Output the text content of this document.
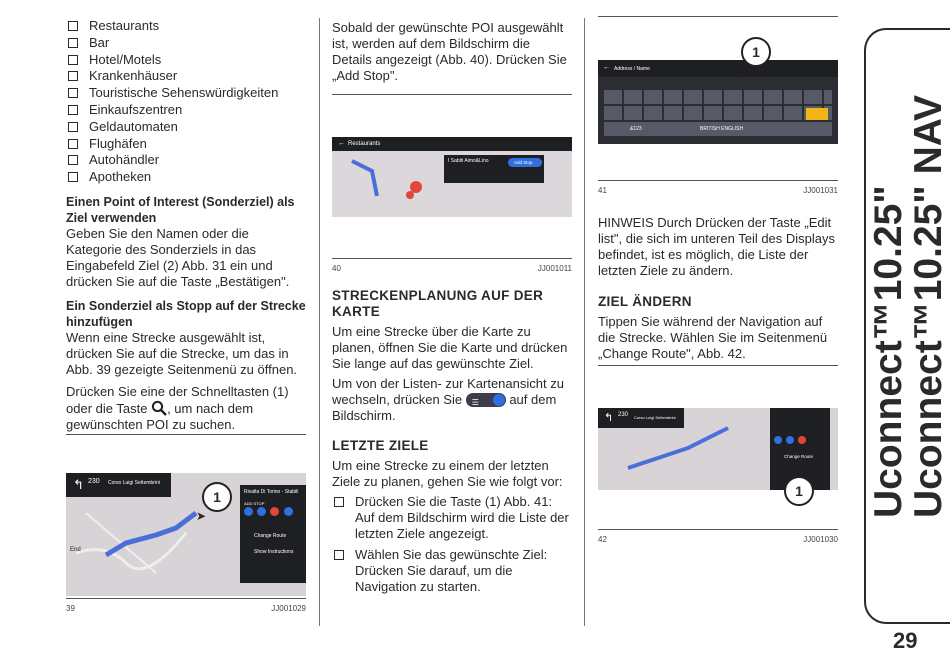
Restaurants
Bar
Hotel/Motels
Krankenhäuser
Touristische Sehenswürdigkeiten
Einkaufszentren
Geldautomaten
Flughäfen
Autohändler
Apotheken
Einen Point of Interest (Sonderziel) als Ziel verwenden

Geben Sie den Namen oder die Kategorie des Sonderziels in das Eingabefeld Ziel (2) Abb. 31 ein und drücken Sie auf die Taste „Bestätigen".

Ein Sonderziel als Stopp auf der Strecke hinzufügen

Wenn eine Strecke ausgewählt ist, drücken Sie auf die Strecke, um das in Abb. 39 gezeigte Seitenmenü zu öffnen.

Drücken Sie eine der Schnelltasten (1) oder die Taste , um nach dem gewünschten POI zu suchen.

↰ 230 Corso Luigi Settembrini
Rivalta Di Torino - Stabili
ADD STOP
Change Route
Show Instructions
➤
End
1
39	JJ001029

Sobald der gewünschte POI ausgewählt ist, werden auf dem Bildschirm die Details angezeigt (Abb. 40). Drücken Sie „Add Stop".

← Restaurants
I Sabiti Aimo&Lino	Add Stop
40	JJ001011
STRECKENPLANUNG AUF DER KARTE

Um eine Strecke über die Karte zu planen, öffnen Sie die Karte und drücken Sie lange auf das gewünschte Ziel.

Um von der Listen- zur Kartenansicht zu wechseln, drücken Sie ☰ auf dem Bildschirm.

LETZTE ZIELE

Um eine Strecke zu einem der letzten Ziele zu planen, gehen Sie wie folgt vor:

Drücken Sie die Taste (1) Abb. 41: Auf dem Bildschirm wird die Liste der letzten Ziele angezeigt.
Wählen Sie das gewünschte Ziel: Drücken Sie darauf, um die Navigation zu starten.
← Address / Name
&123	BRITISH ENGLISH
1
41	JJ001031

HINWEIS Durch Drücken der Taste „Edit list", die sich im unteren Teil des Displays befindet, ist es möglich, die Liste der letzten Ziele zu ändern.

ZIEL ÄNDERN

Tippen Sie während der Navigation auf die Strecke. Wählen Sie im Seitenmenü „Change Route", Abb. 42.

↰ 230 Corso Luigi Settembrini
Change Route
1
42	JJ001030
Uconnect™10.25"
Uconnect™10.25" NAV
29
